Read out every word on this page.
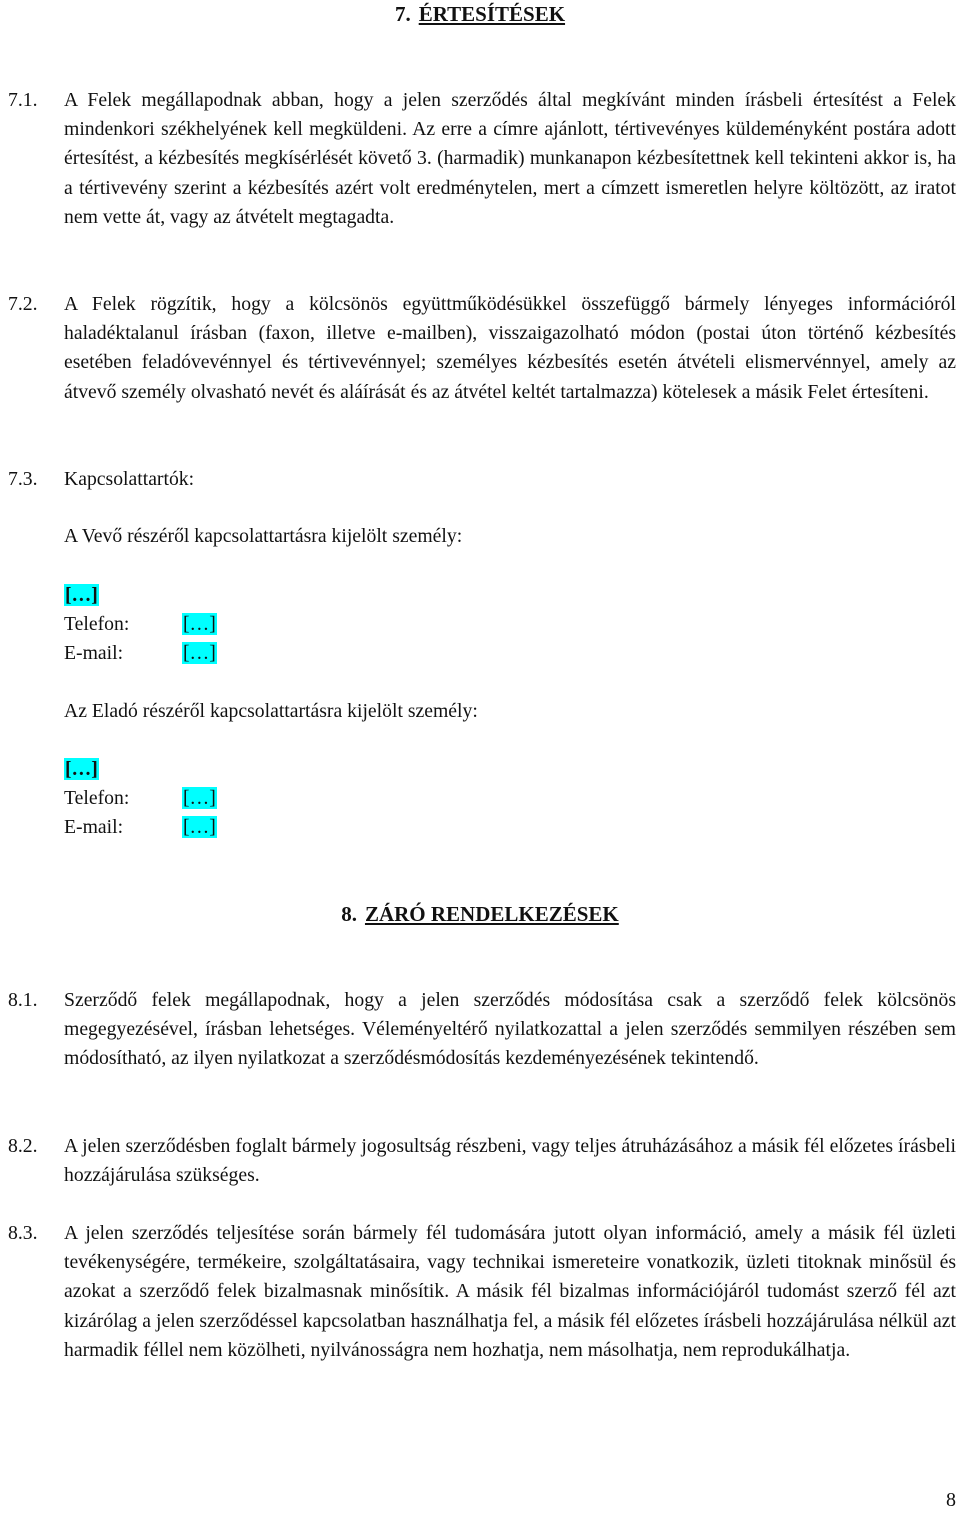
7. ÉRTESÍTÉSEK
7.1.	A Felek megállapodnak abban, hogy a jelen szerződés által megkívánt minden írásbeli értesítést a Felek mindenkori székhelyének kell megküldeni. Az erre a címre ajánlott, tértivevényes küldeményként postára adott értesítést, a kézbesítés megkísérlését követő 3. (harmadik) munkanapon kézbesítettnek kell tekinteni akkor is, ha a tértivevény szerint a kézbesítés azért volt eredménytelen, mert a címzett ismeretlen helyre költözött, az iratot nem vette át, vagy az átvételt megtagadta.
7.2.	A Felek rögzítik, hogy a kölcsönös együttműködésükkel összefüggő bármely lényeges információról haladéktalanul írásban (faxon, illetve e-mailben), visszaigazolható módon (postai úton történő kézbesítés esetében feladóvevénnyel és tértivevénnyel; személyes kézbesítés esetén átvételi elismervénnyel, amely az átvevő személy olvasható nevét és aláírását és az átvétel keltét tartalmazza) kötelesek a másik Felet értesíteni.
7.3.	Kapcsolattartók:
A Vevő részéről kapcsolattartásra kijelölt személy:
[…]
Telefon:	[…]
E-mail:	[…]
Az Eladó részéről kapcsolattartásra kijelölt személy:
[…]
Telefon:	[…]
E-mail:	[…]
8. ZÁRÓ RENDELKEZÉSEK
8.1.	Szerződő felek megállapodnak, hogy a jelen szerződés módosítása csak a szerződő felek kölcsönös megegyezésével, írásban lehetséges. Véleményeltérő nyilatkozattal a jelen szerződés semmilyen részében sem módosítható, az ilyen nyilatkozat a szerződésmódosítás kezdeményezésének tekintendő.
8.2.	A jelen szerződésben foglalt bármely jogosultság részbeni, vagy teljes átruházásához a másik fél előzetes írásbeli hozzájárulása szükséges.
8.3.	A jelen szerződés teljesítése során bármely fél tudomására jutott olyan információ, amely a másik fél üzleti tevékenységére, termékeire, szolgáltatásaira, vagy technikai ismereteire vonatkozik, üzleti titoknak minősül és azokat a szerződő felek bizalmasnak minősítik. A másik fél bizalmas információjáról tudomást szerző fél azt kizárólag a jelen szerződéssel kapcsolatban használhatja fel, a másik fél előzetes írásbeli hozzájárulása nélkül azt harmadik féllel nem közölheti, nyilvánosságra nem hozhatja, nem másolhatja, nem reprodukálhatja.
8
